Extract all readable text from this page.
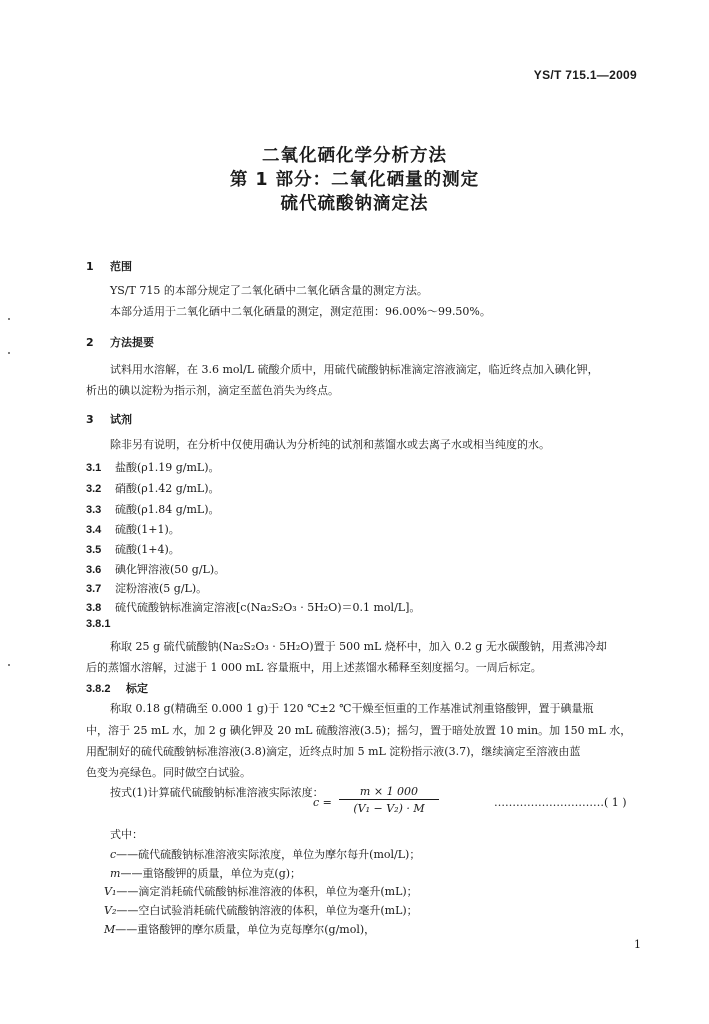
YS/T 715.1—2009
二氧化硒化学分析方法
第 1 部分：二氧化硒量的测定
硫代硫酸钠滴定法
1 范围
YS/T 715 的本部分规定了二氧化硒中二氧化硒含量的测定方法。
本部分适用于二氧化硒中二氧化硒量的测定，测定范围：96.00%～99.50%。
2 方法提要
试料用水溶解，在 3.6 mol/L 硫酸介质中，用硫代硫酸钠标准滴定溶液滴定，临近终点加入碘化钾，
析出的碘以淀粉为指示剂，滴定至蓝色消失为终点。
3 试剂
除非另有说明，在分析中仅使用确认为分析纯的试剂和蒸馏水或去离子水或相当纯度的水。
3.1 盐酸(ρ1.19 g/mL)。
3.2 硝酸(ρ1.42 g/mL)。
3.3 硫酸(ρ1.84 g/mL)。
3.4 硫酸(1+1)。
3.5 硫酸(1+4)。
3.6 碘化钾溶液(50 g/L)。
3.7 淀粉溶液(5 g/L)。
3.8 硫代硫酸钠标准滴定溶液[c(Na₂S₂O₃ · 5H₂O)＝0.1 mol/L]。
3.8.1
称取 25 g 硫代硫酸钠(Na₂S₂O₃ · 5H₂O)置于 500 mL 烧杯中，加入 0.2 g 无水碳酸钠，用煮沸冷却
后的蒸馏水溶解，过滤于 1 000 mL 容量瓶中，用上述蒸馏水稀释至刻度摇匀。一周后标定。
3.8.2 标定
称取 0.18 g(精确至 0.000 1 g)于 120 ℃±2 ℃干燥至恒重的工作基准试剂重铬酸钾，置于碘量瓶
中，溶于 25 mL 水，加 2 g 碘化钾及 20 mL 硫酸溶液(3.5)；摇匀，置于暗处放置 10 min。加 150 mL 水，
用配制好的硫代硫酸钠标准溶液(3.8)滴定，近终点时加 5 mL 淀粉指示液(3.7)，继续滴定至溶液由蓝
色变为亮绿色。同时做空白试验。
按式(1)计算硫代硫酸钠标准溶液实际浓度：
$c = \frac{m \times 1 000}{\text{(V₁ − V₂) · M}}$	…………………………( 1 )
式中：
c——硫代硫酸钠标准溶液实际浓度，单位为摩尔每升(mol/L)；
m——重铬酸钾的质量，单位为克(g)；
V₁——滴定消耗硫代硫酸钠标准溶液的体积，单位为毫升(mL)；
V₂——空白试验消耗硫代硫酸钠溶液的体积，单位为毫升(mL)；
M——重铬酸钾的摩尔质量，单位为克每摩尔(g/mol)，
1
